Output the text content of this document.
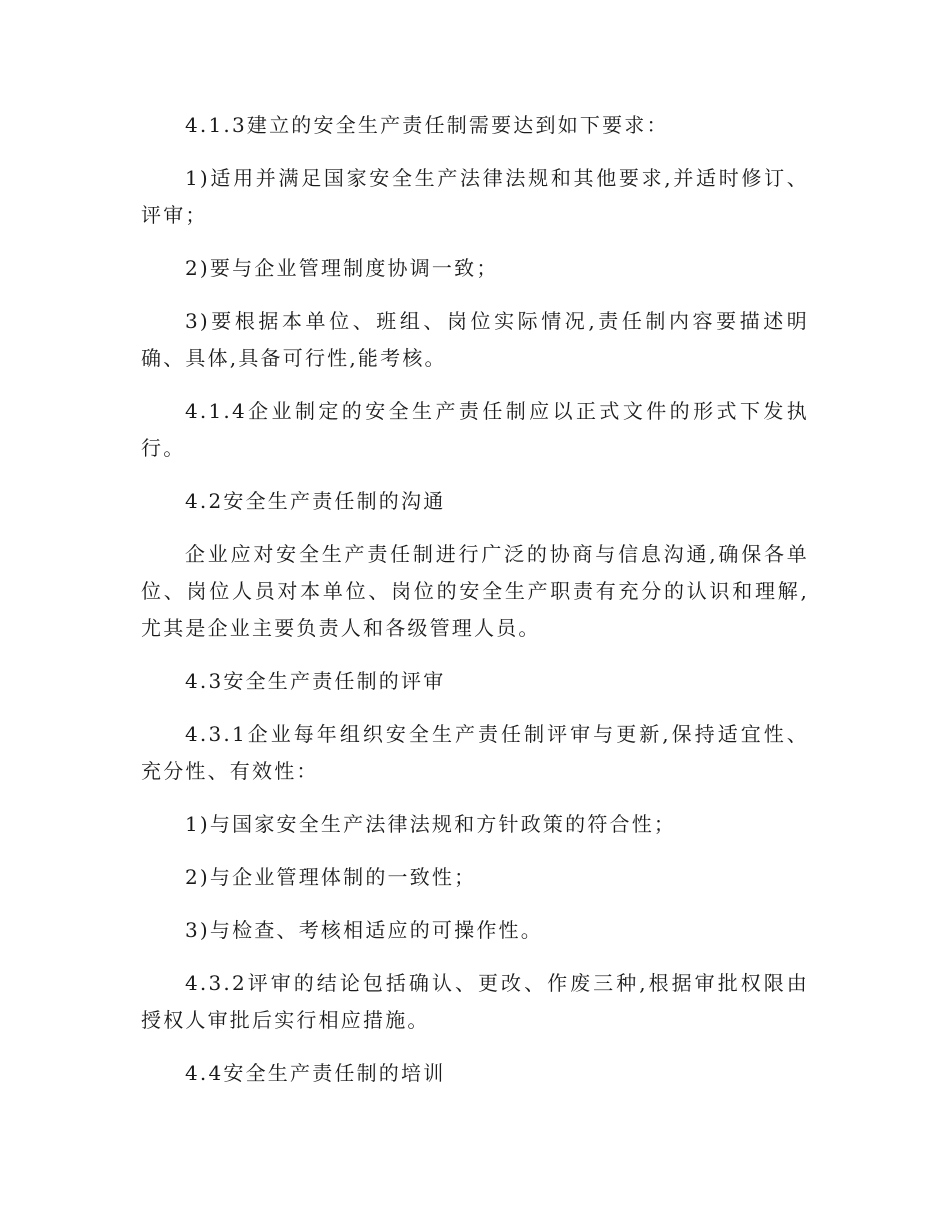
4.1.3建立的安全生产责任制需要达到如下要求：

1)适用并满足国家安全生产法律法规和其他要求,并适时修订、评审；

2)要与企业管理制度协调一致；

3)要根据本单位、班组、岗位实际情况,责任制内容要描述明确、具体,具备可行性,能考核。

4.1.4企业制定的安全生产责任制应以正式文件的形式下发执行。

4.2安全生产责任制的沟通

企业应对安全生产责任制进行广泛的协商与信息沟通,确保各单位、岗位人员对本单位、岗位的安全生产职责有充分的认识和理解,尤其是企业主要负责人和各级管理人员。

4.3安全生产责任制的评审

4.3.1企业每年组织安全生产责任制评审与更新,保持适宜性、充分性、有效性：

1)与国家安全生产法律法规和方针政策的符合性；

2)与企业管理体制的一致性；

3)与检查、考核相适应的可操作性。

4.3.2评审的结论包括确认、更改、作废三种,根据审批权限由授权人审批后实行相应措施。

4.4安全生产责任制的培训
